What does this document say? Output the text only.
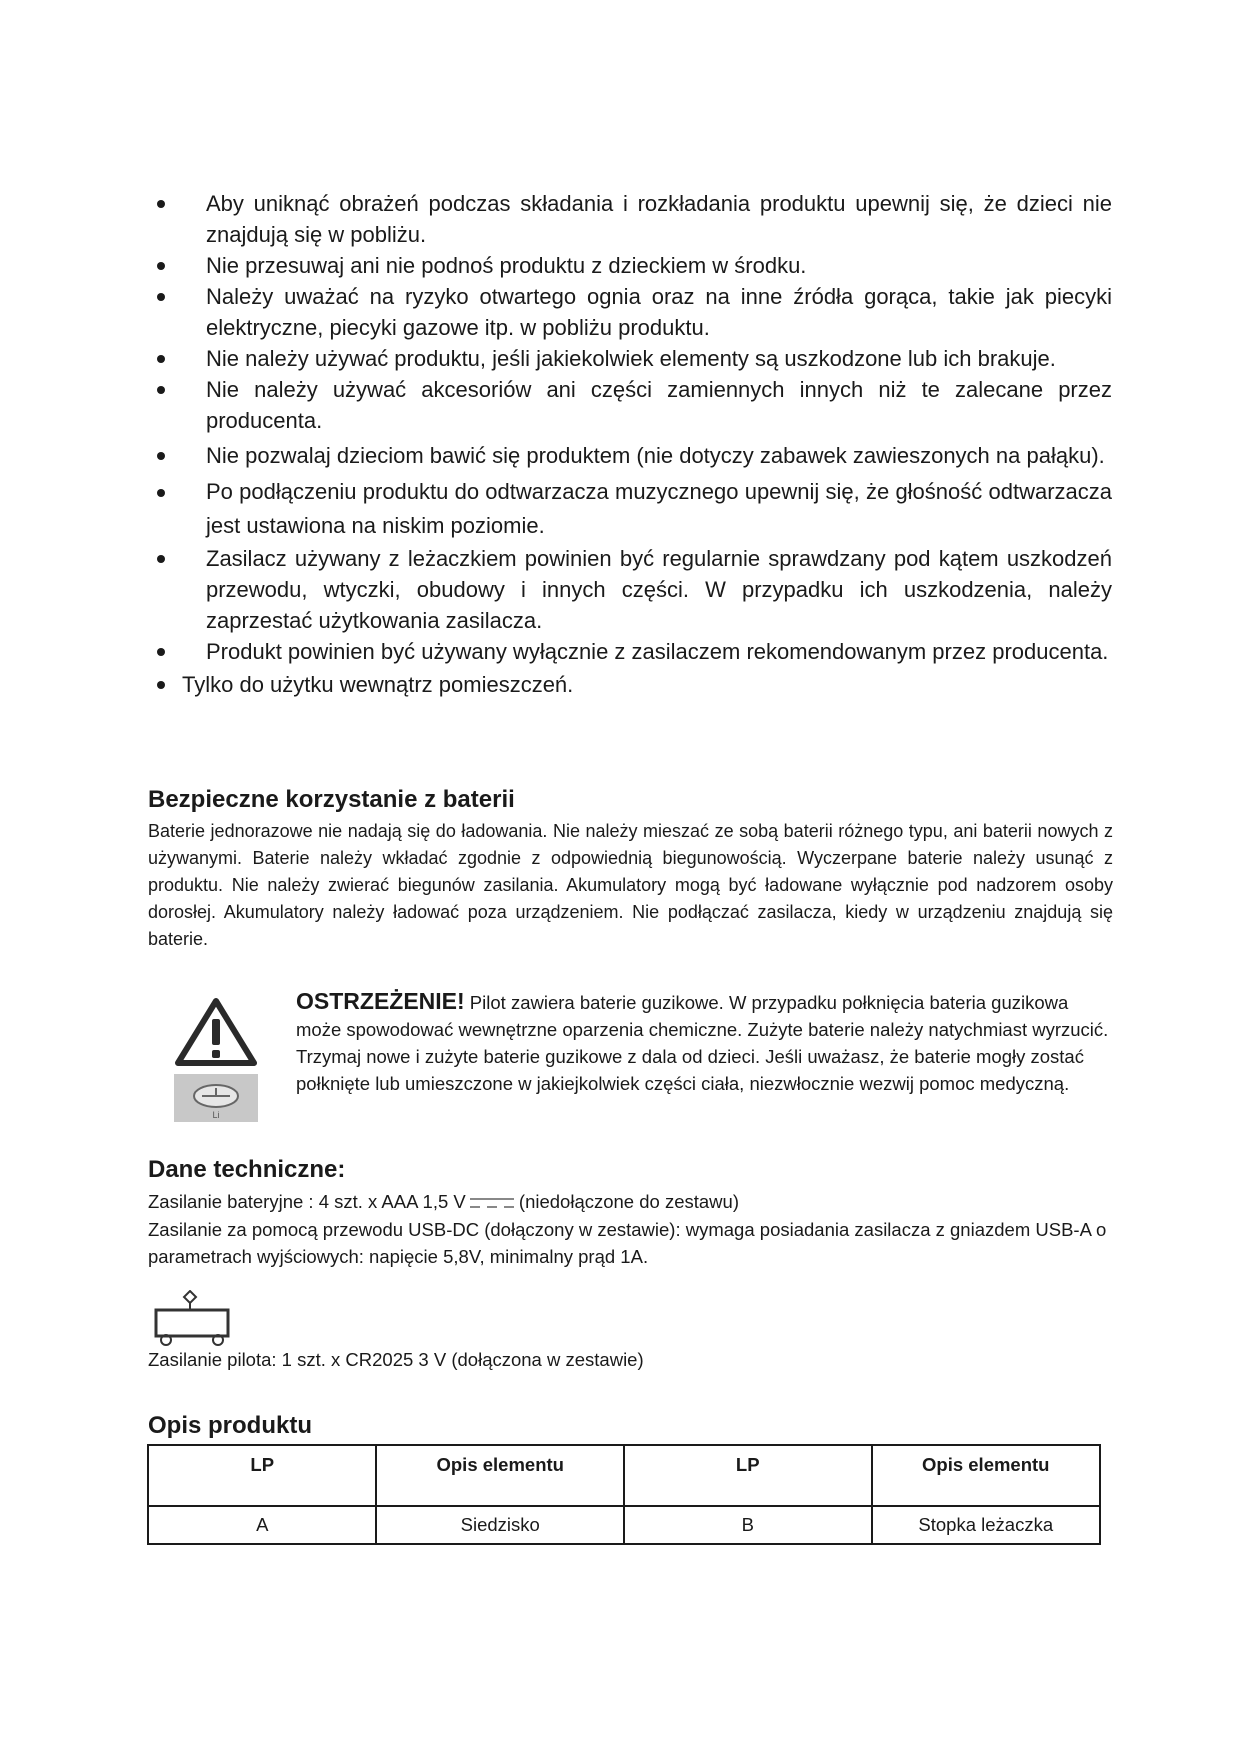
Aby uniknąć obrażeń podczas składania i rozkładania produktu upewnij się, że dzieci nie znajdują się w pobliżu.
Nie przesuwaj ani nie podnoś produktu z dzieckiem w środku.
Należy uważać na ryzyko otwartego ognia oraz na inne źródła gorąca, takie jak piecyki elektryczne, piecyki gazowe itp. w pobliżu produktu.
Nie należy używać produktu, jeśli jakiekolwiek elementy są uszkodzone lub ich brakuje.
Nie należy używać akcesoriów ani części zamiennych innych niż te zalecane przez producenta.
Nie pozwalaj dzieciom bawić się produktem (nie dotyczy zabawek zawieszonych na pałąku).
Po podłączeniu produktu do odtwarzacza muzycznego upewnij się, że głośność odtwarzacza jest ustawiona na niskim poziomie.
Zasilacz używany z leżaczkiem powinien być regularnie sprawdzany pod kątem uszkodzeń przewodu, wtyczki, obudowy i innych części. W przypadku ich uszkodzenia, należy zaprzestać użytkowania zasilacza.
Produkt powinien być używany wyłącznie z zasilaczem rekomendowanym przez producenta.
Tylko do użytku wewnątrz pomieszczeń.
Bezpieczne korzystanie z baterii

Baterie jednorazowe nie nadają się do ładowania. Nie należy mieszać ze sobą baterii różnego typu, ani baterii nowych z używanymi. Baterie należy wkładać zgodnie z odpowiednią biegunowością. Wyczerpane baterie należy usunąć z produktu. Nie należy zwierać biegunów zasilania. Akumulatory mogą być ładowane wyłącznie pod nadzorem osoby dorosłej. Akumulatory należy ładować poza urządzeniem. Nie podłączać zasilacza, kiedy w urządzeniu znajdują się baterie.

Li

OSTRZEŻENIE! Pilot zawiera baterie guzikowe. W przypadku połknięcia bateria guzikowa może spowodować wewnętrzne oparzenia chemiczne. Zużyte baterie należy natychmiast wyrzucić. Trzymaj nowe i zużyte baterie guzikowe z dala od dzieci. Jeśli uważasz, że baterie mogły zostać połknięte lub umieszczone w jakiejkolwiek części ciała, niezwłocznie wezwij pomoc medyczną.

Dane techniczne:

Zasilanie bateryjne : 4 szt. x AAA 1,5 V	(niedołączone do zestawu)

Zasilanie za pomocą przewodu USB-DC (dołączony w zestawie): wymaga posiadania zasilacza z gniazdem USB-A o parametrach wyjściowych: napięcie 5,8V, minimalny prąd 1A.

Zasilanie pilota: 1 szt. x CR2025 3 V (dołączona w zestawie)

Opis produktu
LP	Opis elementu	LP	Opis elementu
A	Siedzisko	B	Stopka leżaczka
